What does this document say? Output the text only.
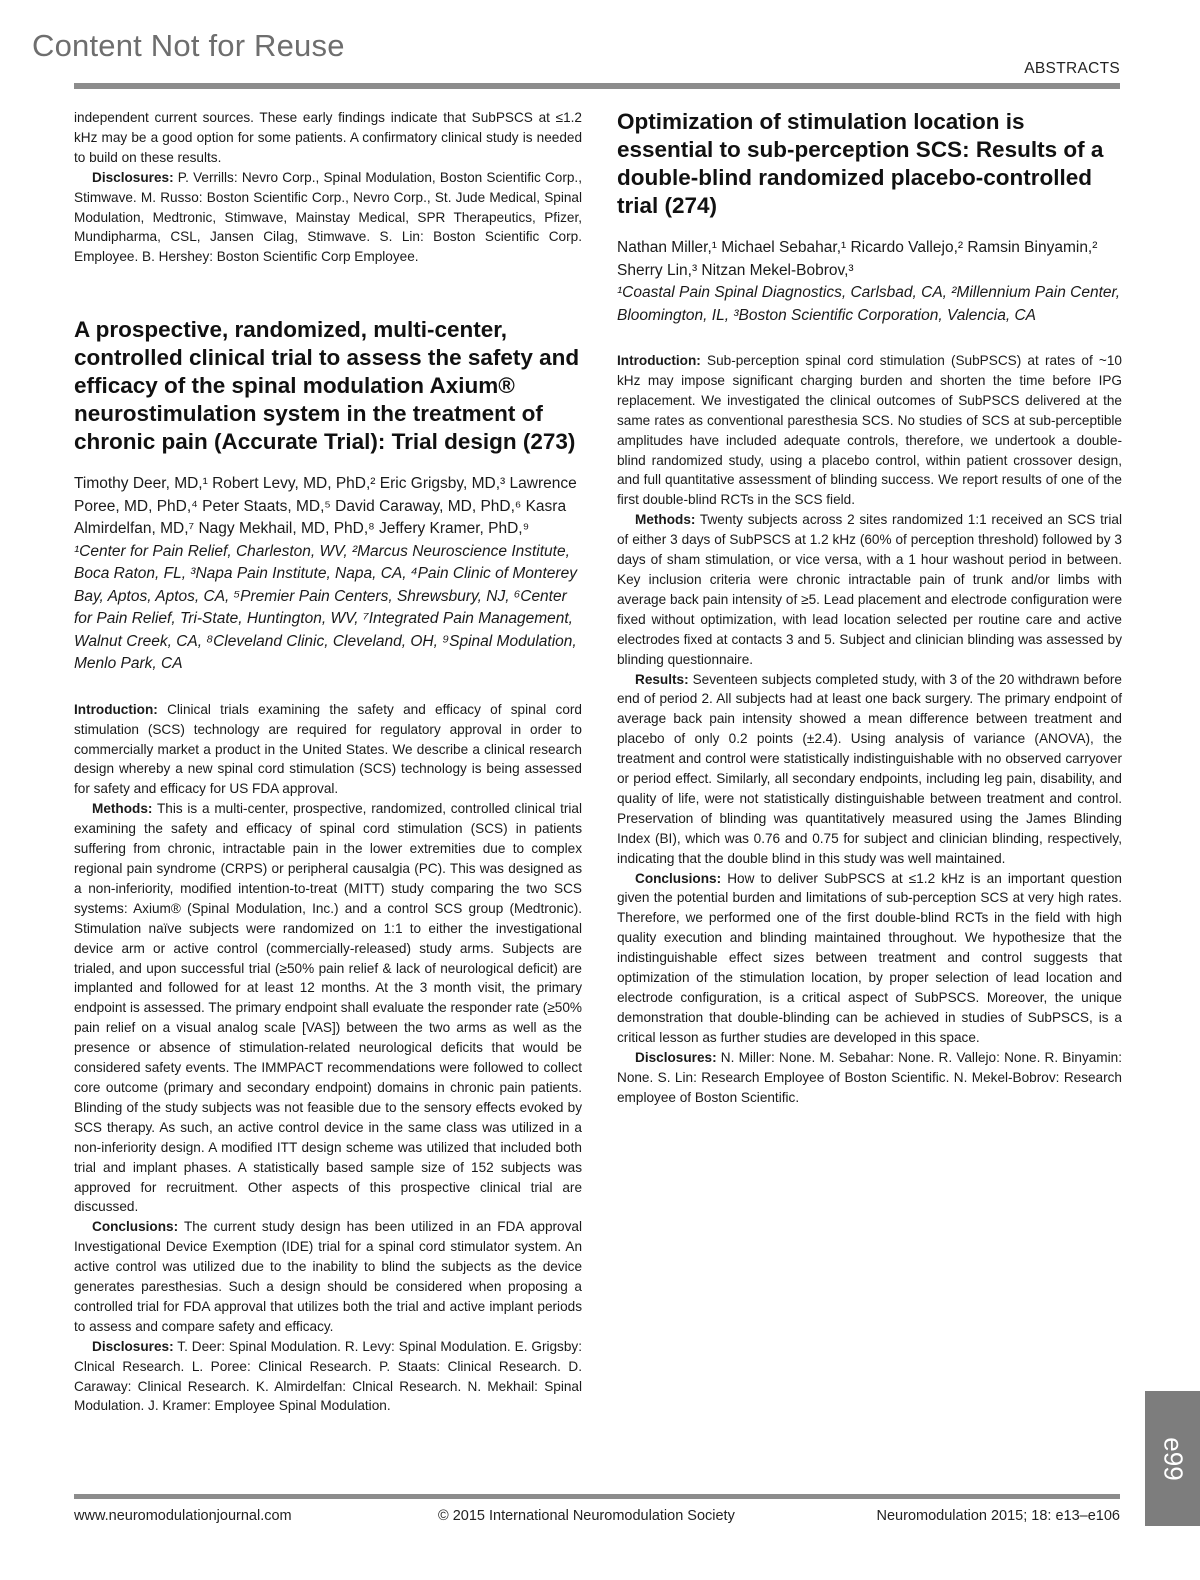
Content Not for Reuse
ABSTRACTS

independent current sources. These early findings indicate that SubPSCS at ≤1.2 kHz may be a good option for some patients. A confirmatory clinical study is needed to build on these results.

Disclosures: P. Verrills: Nevro Corp., Spinal Modulation, Boston Scientific Corp., Stimwave. M. Russo: Boston Scientific Corp., Nevro Corp., St. Jude Medical, Spinal Modulation, Medtronic, Stimwave, Mainstay Medical, SPR Therapeutics, Pfizer, Mundipharma, CSL, Jansen Cilag, Stimwave. S. Lin: Boston Scientific Corp. Employee. B. Hershey: Boston Scientific Corp Employee.

A prospective, randomized, multi-center, controlled clinical trial to assess the safety and efficacy of the spinal modulation Axium® neurostimulation system in the treatment of chronic pain (Accurate Trial): Trial design (273)

Timothy Deer, MD,¹ Robert Levy, MD, PhD,² Eric Grigsby, MD,³ Lawrence Poree, MD, PhD,⁴ Peter Staats, MD,⁵ David Caraway, MD, PhD,⁶ Kasra Almirdelfan, MD,⁷ Nagy Mekhail, MD, PhD,⁸ Jeffery Kramer, PhD,⁹

¹Center for Pain Relief, Charleston, WV, ²Marcus Neuroscience Institute, Boca Raton, FL, ³Napa Pain Institute, Napa, CA, ⁴Pain Clinic of Monterey Bay, Aptos, Aptos, CA, ⁵Premier Pain Centers, Shrewsbury, NJ, ⁶Center for Pain Relief, Tri-State, Huntington, WV, ⁷Integrated Pain Management, Walnut Creek, CA, ⁸Cleveland Clinic, Cleveland, OH, ⁹Spinal Modulation, Menlo Park, CA

Introduction: Clinical trials examining the safety and efficacy of spinal cord stimulation (SCS) technology are required for regulatory approval in order to commercially market a product in the United States. We describe a clinical research design whereby a new spinal cord stimulation (SCS) technology is being assessed for safety and efficacy for US FDA approval.

Methods: This is a multi-center, prospective, randomized, controlled clinical trial examining the safety and efficacy of spinal cord stimulation (SCS) in patients suffering from chronic, intractable pain in the lower extremities due to complex regional pain syndrome (CRPS) or peripheral causalgia (PC). This was designed as a non-inferiority, modified intention-to-treat (MITT) study comparing the two SCS systems: Axium® (Spinal Modulation, Inc.) and a control SCS group (Medtronic). Stimulation naïve subjects were randomized on 1:1 to either the investigational device arm or active control (commercially-released) study arms. Subjects are trialed, and upon successful trial (≥50% pain relief & lack of neurological deficit) are implanted and followed for at least 12 months. At the 3 month visit, the primary endpoint is assessed. The primary endpoint shall evaluate the responder rate (≥50% pain relief on a visual analog scale [VAS]) between the two arms as well as the presence or absence of stimulation-related neurological deficits that would be considered safety events. The IMMPACT recommendations were followed to collect core outcome (primary and secondary endpoint) domains in chronic pain patients. Blinding of the study subjects was not feasible due to the sensory effects evoked by SCS therapy. As such, an active control device in the same class was utilized in a non-inferiority design. A modified ITT design scheme was utilized that included both trial and implant phases. A statistically based sample size of 152 subjects was approved for recruitment. Other aspects of this prospective clinical trial are discussed.

Conclusions: The current study design has been utilized in an FDA approval Investigational Device Exemption (IDE) trial for a spinal cord stimulator system. An active control was utilized due to the inability to blind the subjects as the device generates paresthesias. Such a design should be considered when proposing a controlled trial for FDA approval that utilizes both the trial and active implant periods to assess and compare safety and efficacy.

Disclosures: T. Deer: Spinal Modulation. R. Levy: Spinal Modulation. E. Grigsby: Clnical Research. L. Poree: Clinical Research. P. Staats: Clinical Research. D. Caraway: Clinical Research. K. Almirdelfan: Clnical Research. N. Mekhail: Spinal Modulation. J. Kramer: Employee Spinal Modulation.

Optimization of stimulation location is essential to sub-perception SCS: Results of a double-blind randomized placebo-controlled trial (274)

Nathan Miller,¹ Michael Sebahar,¹ Ricardo Vallejo,² Ramsin Binyamin,² Sherry Lin,³ Nitzan Mekel-Bobrov,³

¹Coastal Pain Spinal Diagnostics, Carlsbad, CA, ²Millennium Pain Center, Bloomington, IL, ³Boston Scientific Corporation, Valencia, CA

Introduction: Sub-perception spinal cord stimulation (SubPSCS) at rates of ~10 kHz may impose significant charging burden and shorten the time before IPG replacement. We investigated the clinical outcomes of SubPSCS delivered at the same rates as conventional paresthesia SCS. No studies of SCS at sub-perceptible amplitudes have included adequate controls, therefore, we undertook a double-blind randomized study, using a placebo control, within patient crossover design, and full quantitative assessment of blinding success. We report results of one of the first double-blind RCTs in the SCS field.

Methods: Twenty subjects across 2 sites randomized 1:1 received an SCS trial of either 3 days of SubPSCS at 1.2 kHz (60% of perception threshold) followed by 3 days of sham stimulation, or vice versa, with a 1 hour washout period in between. Key inclusion criteria were chronic intractable pain of trunk and/or limbs with average back pain intensity of ≥5. Lead placement and electrode configuration were fixed without optimization, with lead location selected per routine care and active electrodes fixed at contacts 3 and 5. Subject and clinician blinding was assessed by blinding questionnaire.

Results: Seventeen subjects completed study, with 3 of the 20 withdrawn before end of period 2. All subjects had at least one back surgery. The primary endpoint of average back pain intensity showed a mean difference between treatment and placebo of only 0.2 points (±2.4). Using analysis of variance (ANOVA), the treatment and control were statistically indistinguishable with no observed carryover or period effect. Similarly, all secondary endpoints, including leg pain, disability, and quality of life, were not statistically distinguishable between treatment and control. Preservation of blinding was quantitatively measured using the James Blinding Index (BI), which was 0.76 and 0.75 for subject and clinician blinding, respectively, indicating that the double blind in this study was well maintained.

Conclusions: How to deliver SubPSCS at ≤1.2 kHz is an important question given the potential burden and limitations of sub-perception SCS at very high rates. Therefore, we performed one of the first double-blind RCTs in the field with high quality execution and blinding maintained throughout. We hypothesize that the indistinguishable effect sizes between treatment and control suggests that optimization of the stimulation location, by proper selection of lead location and electrode configuration, is a critical aspect of SubPSCS. Moreover, the unique demonstration that double-blinding can be achieved in studies of SubPSCS, is a critical lesson as further studies are developed in this space.

Disclosures: N. Miller: None. M. Sebahar: None. R. Vallejo: None. R. Binyamin: None. S. Lin: Research Employee of Boston Scientific. N. Mekel-Bobrov: Research employee of Boston Scientific.

www.neuromodulationjournal.com	© 2015 International Neuromodulation Society	Neuromodulation 2015; 18: e13–e106
e99
